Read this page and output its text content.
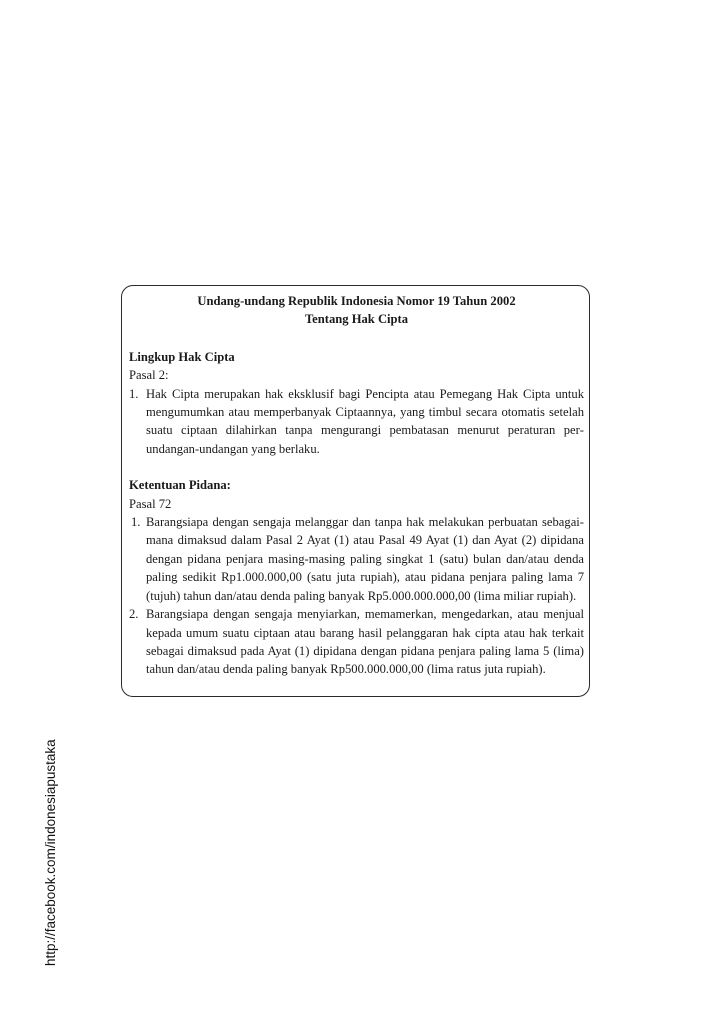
Undang-undang Republik Indonesia Nomor 19 Tahun 2002

Tentang Hak Cipta

Lingkup Hak Cipta
Pasal 2:
1. Hak Cipta merupakan hak eksklusif bagi Pencipta atau Pemegang Hak Cipta untuk mengumumkan atau memperbanyak Ciptaannya, yang timbul secara otomatis setelah suatu ciptaan dilahirkan tanpa mengurangi pembatasan menurut peraturan perundangan-undangan yang berlaku.
Ketentuan Pidana:
Pasal 72
1. Barangsiapa dengan sengaja melanggar dan tanpa hak melakukan perbuatan sebagaimana dimaksud dalam Pasal 2 Ayat (1) atau Pasal 49 Ayat (1) dan Ayat (2) dipidana dengan pidana penjara masing-masing paling singkat 1 (satu) bulan dan/atau denda paling sedikit Rp1.000.000,00 (satu juta rupiah), atau pidana penjara paling lama 7 (tujuh) tahun dan/atau denda paling banyak Rp5.000.000.000,00 (lima miliar rupiah).
2. Barangsiapa dengan sengaja menyiarkan, memamerkan, mengedarkan, atau menjual kepada umum suatu ciptaan atau barang hasil pelanggaran hak cipta atau hak terkait sebagai dimaksud pada Ayat (1) dipidana dengan pidana penjara paling lama 5 (lima) tahun dan/atau denda paling banyak Rp500.000.000,00 (lima ratus juta rupiah).
http://facebook.com/indonesiapustaka
